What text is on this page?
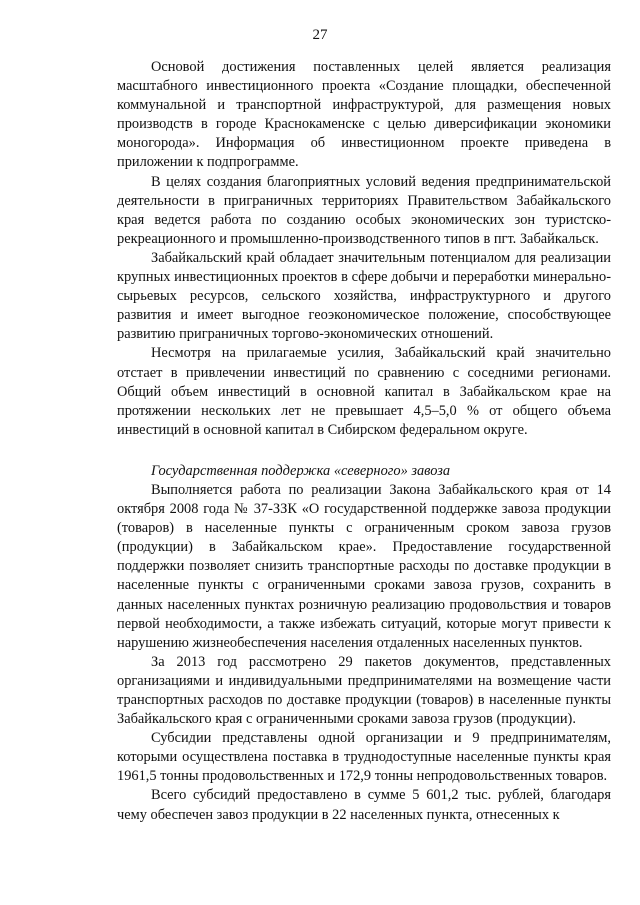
27

Основой достижения поставленных целей является реализация масштабного инвестиционного проекта «Создание площадки, обеспеченной коммунальной и транспортной инфраструктурой, для размещения новых производств в городе Краснокаменске с целью диверсификации экономики моногорода». Информация об инвестиционном проекте приведена в приложении к подпрограмме.

В целях создания благоприятных условий ведения предпринимательской деятельности в приграничных территориях Правительством Забайкальского края ведется работа по созданию особых экономических зон туристско-рекреационного и промышленно-производственного типов в пгт. Забайкальск.

Забайкальский край обладает значительным потенциалом для реализации крупных инвестиционных проектов в сфере добычи и переработки минерально-сырьевых ресурсов, сельского хозяйства, инфраструктурного и другого развития и имеет выгодное геоэкономическое положение, способствующее развитию приграничных торгово-экономических отношений.

Несмотря на прилагаемые усилия, Забайкальский край значительно отстает в привлечении инвестиций по сравнению с соседними регионами. Общий объем инвестиций в основной капитал в Забайкальском крае на протяжении нескольких лет не превышает 4,5–5,0 % от общего объема инвестиций в основной капитал в Сибирском федеральном округе.

Государственная поддержка «северного» завоза

Выполняется работа по реализации Закона Забайкальского края от 14 октября 2008 года № 37-ЗЗК «О государственной поддержке завоза продукции (товаров) в населенные пункты с ограниченным сроком завоза грузов (продукции) в Забайкальском крае». Предоставление государственной поддержки позволяет снизить транспортные расходы по доставке продукции в населенные пункты с ограниченными сроками завоза грузов, сохранить в данных населенных пунктах розничную реализацию продовольствия и товаров первой необходимости, а также избежать ситуаций, которые могут привести к нарушению жизнеобеспечения населения отдаленных населенных пунктов.

За 2013 год рассмотрено 29 пакетов документов, представленных организациями и индивидуальными предпринимателями на возмещение части транспортных расходов по доставке продукции (товаров) в населенные пункты Забайкальского края с ограниченными сроками завоза грузов (продукции).

Субсидии представлены одной организации и 9 предпринимателям, которыми осуществлена поставка в труднодоступные населенные пункты края 1961,5 тонны продовольственных и 172,9 тонны непродовольственных товаров.

Всего субсидий предоставлено в сумме 5 601,2 тыс. рублей, благодаря чему обеспечен завоз продукции в 22 населенных пункта, отнесенных к
